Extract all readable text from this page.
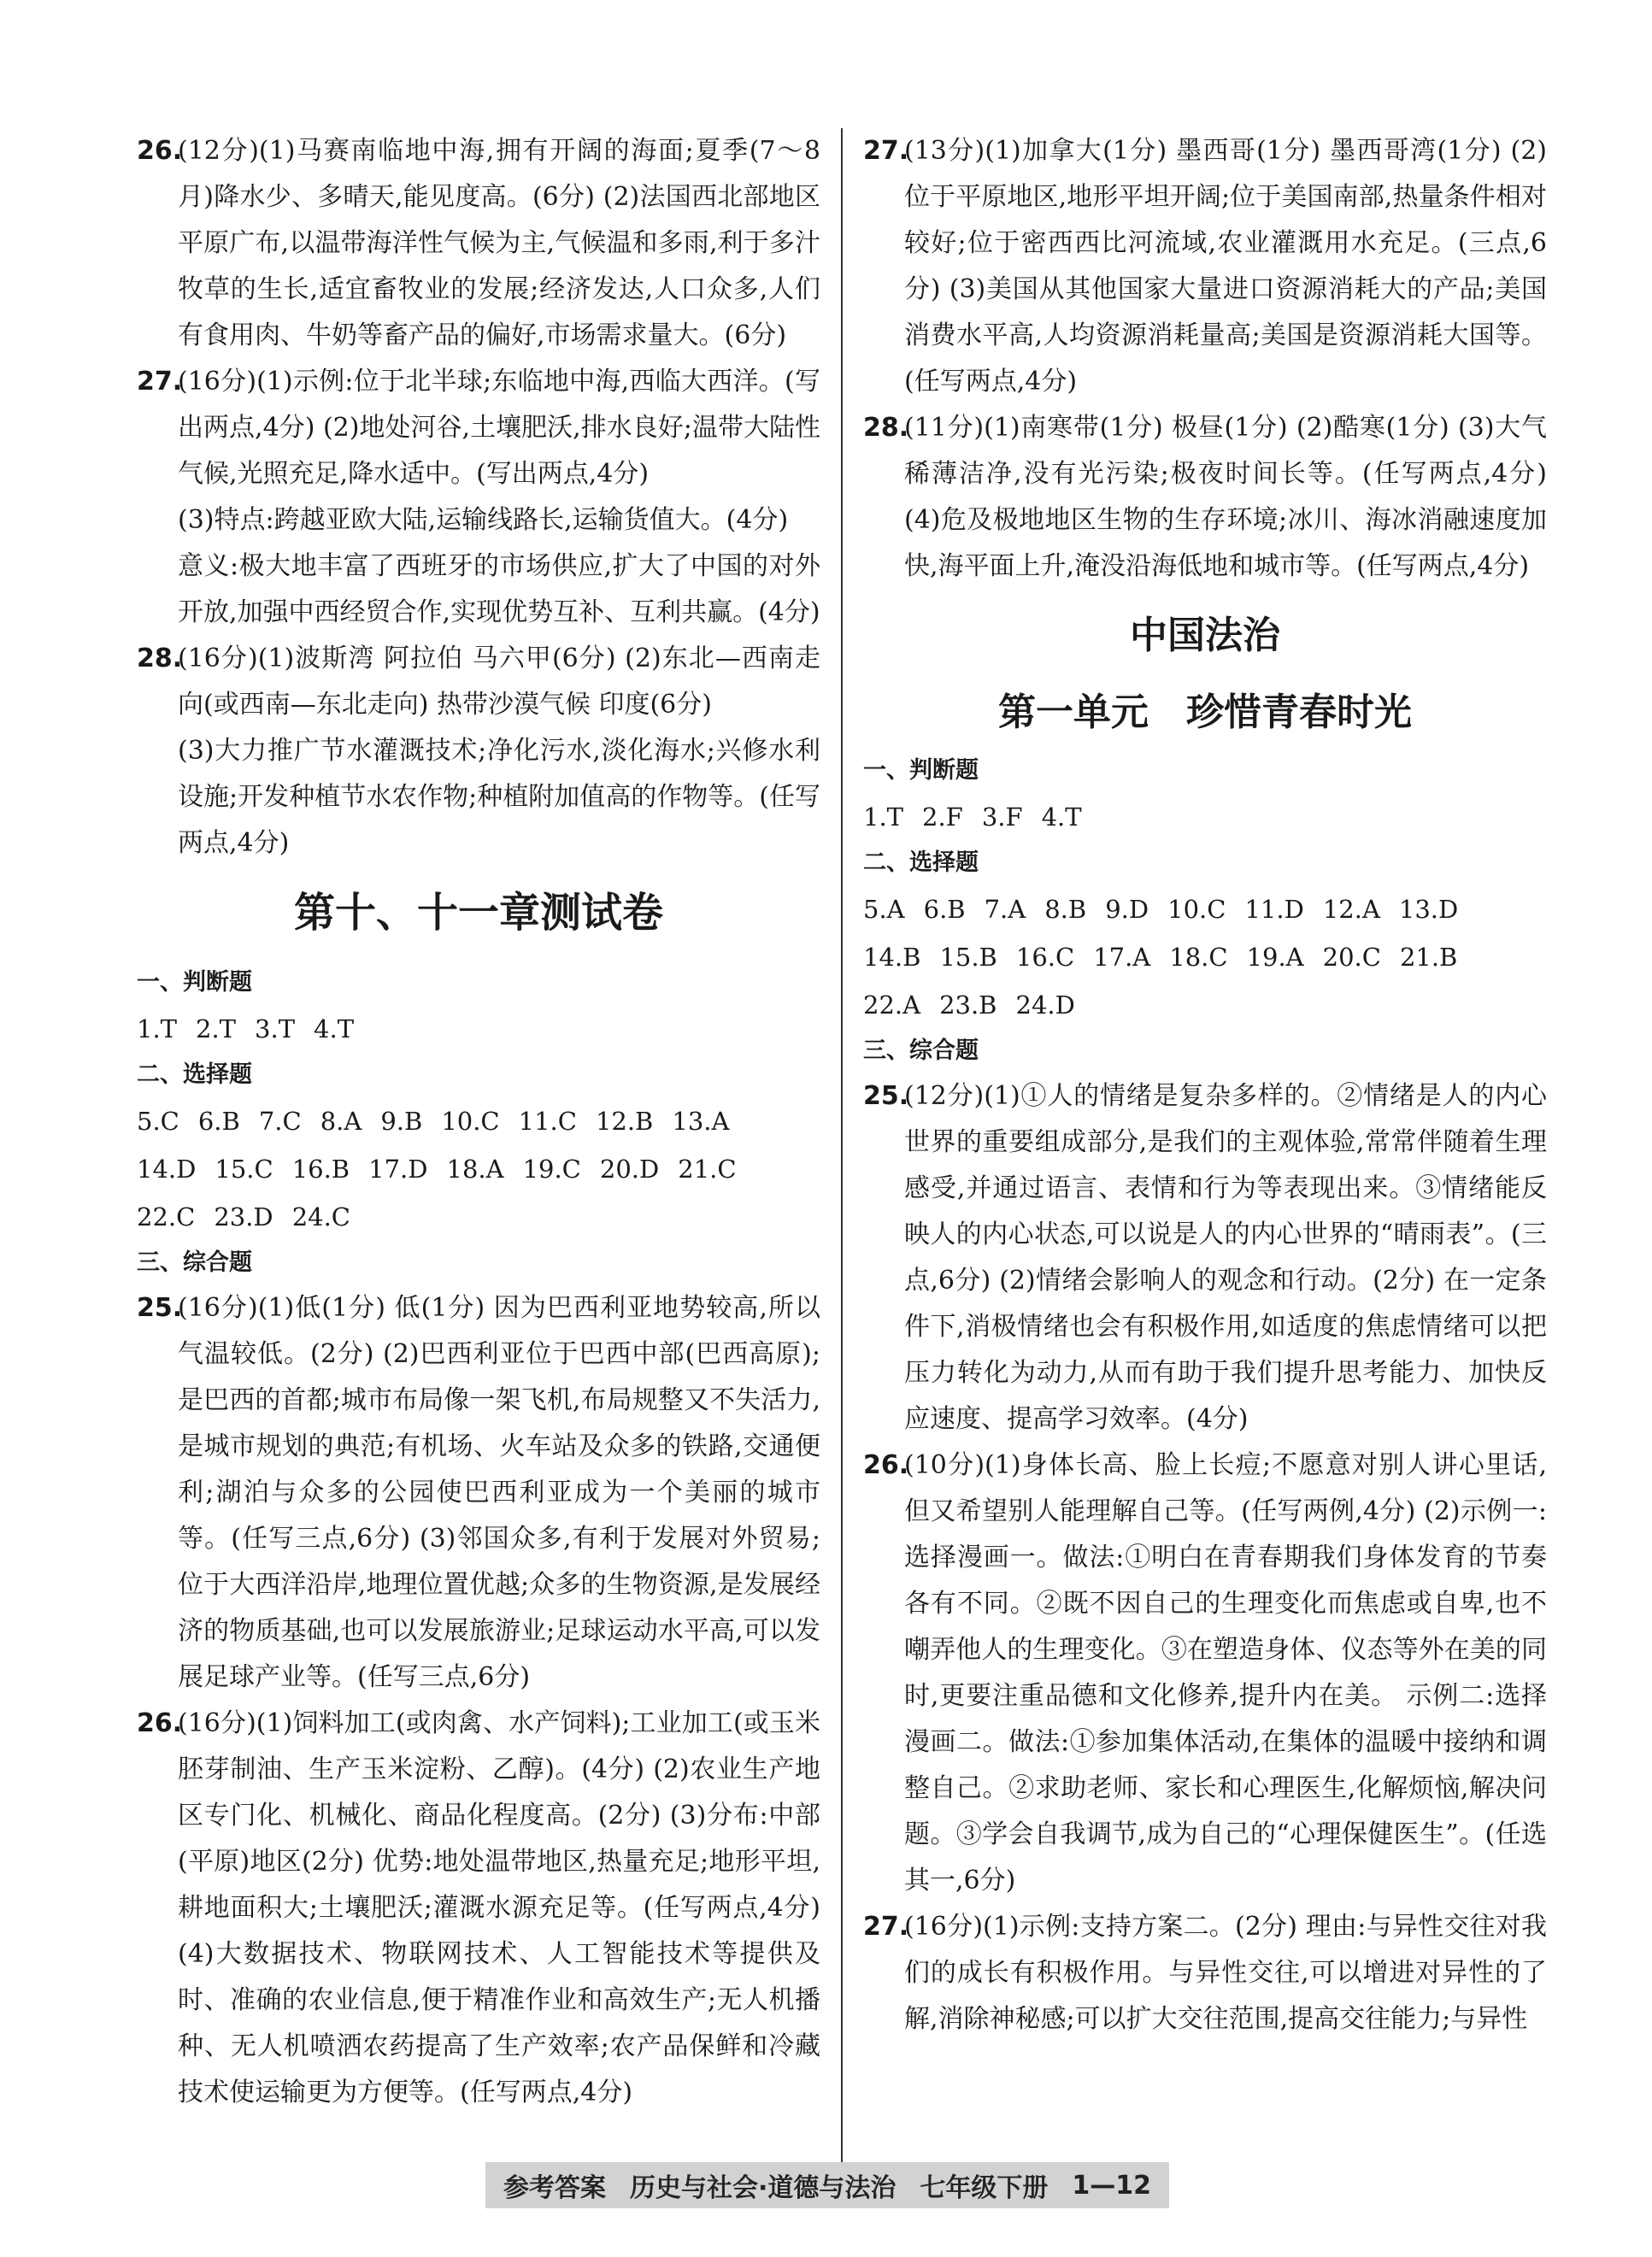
26.

(12分)(1)马赛南临地中海,拥有开阔的海面;夏季(7～8月)降水少、多晴天,能见度高。(6分) (2)法国西北部地区平原广布,以温带海洋性气候为主,气候温和多雨,利于多汁牧草的生长,适宜畜牧业的发展;经济发达,人口众多,人们有食用肉、牛奶等畜产品的偏好,市场需求量大。(6分)

27.

(16分)(1)示例:位于北半球;东临地中海,西临大西洋。(写出两点,4分) (2)地处河谷,土壤肥沃,排水良好;温带大陆性气候,光照充足,降水适中。(写出两点,4分)

(3)特点:跨越亚欧大陆,运输线路长,运输货值大。(4分)

意义:极大地丰富了西班牙的市场供应,扩大了中国的对外开放,加强中西经贸合作,实现优势互补、互利共赢。(4分)

28.

(16分)(1)波斯湾 阿拉伯 马六甲(6分) (2)东北—西南走向(或西南—东北走向) 热带沙漠气候 印度(6分)

(3)大力推广节水灌溉技术;净化污水,淡化海水;兴修水利设施;开发种植节水农作物;种植附加值高的作物等。(任写两点,4分)

第十、十一章测试卷
一、判断题
1.T 2.T 3.T 4.T
二、选择题
5.C 6.B 7.C 8.A 9.B 10.C 11.C 12.B 13.A
14.D 15.C 16.B 17.D 18.A 19.C 20.D 21.C
22.C 23.D 24.C
三、综合题
25.

(16分)(1)低(1分) 低(1分) 因为巴西利亚地势较高,所以气温较低。(2分) (2)巴西利亚位于巴西中部(巴西高原);是巴西的首都;城市布局像一架飞机,布局规整又不失活力,是城市规划的典范;有机场、火车站及众多的铁路,交通便利;湖泊与众多的公园使巴西利亚成为一个美丽的城市等。(任写三点,6分) (3)邻国众多,有利于发展对外贸易;位于大西洋沿岸,地理位置优越;众多的生物资源,是发展经济的物质基础,也可以发展旅游业;足球运动水平高,可以发展足球产业等。(任写三点,6分)

26.

(16分)(1)饲料加工(或肉禽、水产饲料);工业加工(或玉米胚芽制油、生产玉米淀粉、乙醇)。(4分) (2)农业生产地区专门化、机械化、商品化程度高。(2分) (3)分布:中部(平原)地区(2分) 优势:地处温带地区,热量充足;地形平坦,耕地面积大;土壤肥沃;灌溉水源充足等。(任写两点,4分) (4)大数据技术、物联网技术、人工智能技术等提供及时、准确的农业信息,便于精准作业和高效生产;无人机播种、无人机喷洒农药提高了生产效率;农产品保鲜和冷藏技术使运输更为方便等。(任写两点,4分)

27.

(13分)(1)加拿大(1分) 墨西哥(1分) 墨西哥湾(1分) (2)位于平原地区,地形平坦开阔;位于美国南部,热量条件相对较好;位于密西西比河流域,农业灌溉用水充足。(三点,6分) (3)美国从其他国家大量进口资源消耗大的产品;美国消费水平高,人均资源消耗量高;美国是资源消耗大国等。(任写两点,4分)

28.

(11分)(1)南寒带(1分) 极昼(1分) (2)酷寒(1分) (3)大气稀薄洁净,没有光污染;极夜时间长等。(任写两点,4分) (4)危及极地地区生物的生存环境;冰川、海冰消融速度加快,海平面上升,淹没沿海低地和城市等。(任写两点,4分)

中国法治
第一单元　珍惜青春时光
一、判断题
1.T 2.F 3.F 4.T
二、选择题
5.A 6.B 7.A 8.B 9.D 10.C 11.D 12.A 13.D
14.B 15.B 16.C 17.A 18.C 19.A 20.C 21.B
22.A 23.B 24.D
三、综合题
25.

(12分)(1)①人的情绪是复杂多样的。②情绪是人的内心世界的重要组成部分,是我们的主观体验,常常伴随着生理感受,并通过语言、表情和行为等表现出来。③情绪能反映人的内心状态,可以说是人的内心世界的“晴雨表”。(三点,6分) (2)情绪会影响人的观念和行动。(2分) 在一定条件下,消极情绪也会有积极作用,如适度的焦虑情绪可以把压力转化为动力,从而有助于我们提升思考能力、加快反应速度、提高学习效率。(4分)

26.

(10分)(1)身体长高、脸上长痘;不愿意对别人讲心里话,但又希望别人能理解自己等。(任写两例,4分) (2)示例一:选择漫画一。做法:①明白在青春期我们身体发育的节奏各有不同。②既不因自己的生理变化而焦虑或自卑,也不嘲弄他人的生理变化。③在塑造身体、仪态等外在美的同时,更要注重品德和文化修养,提升内在美。 示例二:选择漫画二。做法:①参加集体活动,在集体的温暖中接纳和调整自己。②求助老师、家长和心理医生,化解烦恼,解决问题。③学会自我调节,成为自己的“心理保健医生”。(任选其一,6分)

27.

(16分)(1)示例:支持方案二。(2分) 理由:与异性交往对我们的成长有积极作用。与异性交往,可以增进对异性的了解,消除神秘感;可以扩大交往范围,提高交往能力;与异性

参考答案 历史与社会·道德与法治 七年级下册 1—12
